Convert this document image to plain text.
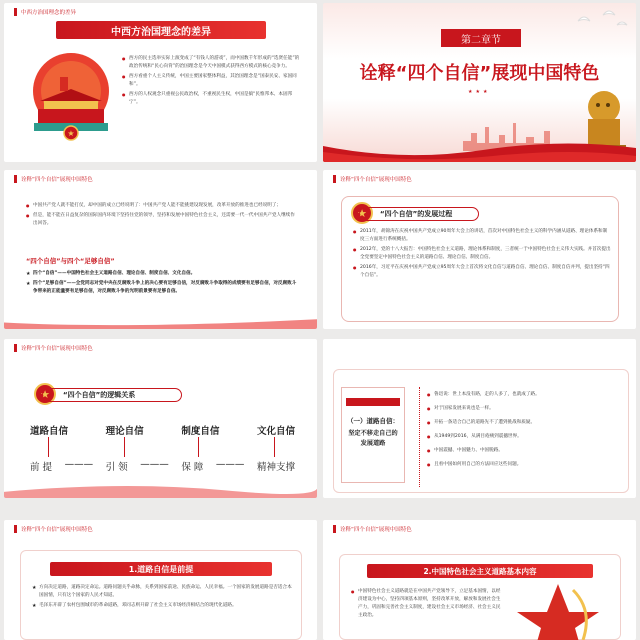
中西方治国理念的差异
中西方治国理念的差异
★

● 西方的民主选举实际上演变成了“有钱人的游戏”，而中国数千年形成的“选贤任能”的政治传统和“民心向背”的治国理念是今天中国模式获得西方模式的核心竞争力。

● 西方看重个人主义传统，中国主要国家整体利益，其治国理念是“国泰民安、家国同和”。

● 西方的人权观念只重视公民政治权，不重视民生权，中国是搞“民惟邦本、本固邦宁”。

第二章节
诠释“四个自信”展现中国特色
★★★
诠释“四个自信”展现中国特色

● 中国共产党人就不能打仗，却中国的成立已经说明了：中国共产党人能不能挑建设现发展，改革开放的推进也已经说明了；

● 但是，能不能在日益复杂的国际国内环境下坚持住党的领导，坚持和发展中国特色社会主义，还需要一代一代中国共产党人继续作出回答。

“四个自信”与四个“足够自信”

★ 四个“自信”——中国特色社会主义道路自信、理论自信、制度自信、文化自信。

★ 四个“足够自信”——全党同志对党中央在反腐败斗争上的决心要有足够自信，对反腐败斗争取得的成绩要有足够自信，对反腐败斗争带来的正能量要有足够自信，对反腐败斗争的光明前景要有足够自信。

诠释“四个自信”展现中国特色
★	“四个自信”的发展过程

● 2011年，胡锦涛在庆祝中国共产党成立90周年大会上的讲话，首次对中国特色社会主义的科学内涵从道路、理论体系和制度三方面进行系统概括。

● 2012年，党的十八大报告：中国特色社会主义道路，理论体系和制度，三者统一于中国特色社会主义伟大实践。并首次提出全党要坚定中国特色社会主义的道路自信、理论自信、制度自信。

● 2016年，习近平在庆祝中国共产党成立95周年大会上首次将文化自信与道路自信、理论自信、制度自信并列，提出坚持“四个自信”。

诠释“四个自信”展现中国特色
★	“四个自信”的逻辑关系
道路自信	理论自信	制度自信	文化自信
前 提 ——— 引 领 ——— 保 障 ——— 精神支撑
（一）道路自信：
坚定不移走自己的发展道路

● 鲁迅说：世上本没有路，走的人多了，也就成了路。

● 对于国家发展来说也是一样。

● 开拓一条适合自己的道路先不了遭到挑战和质疑。

● 从1949到2016，从满目疮痍到震撼世界。

● 中国震撼、中国魅力、中国脱路。

● 且看中国如何用自己的方法回应这些问题。

诠释“四个自信”展现中国特色
1.道路自信是前提

★ 方向决定道路，道路决定命运。道路问题关乎命脉，关系到国家前途、民族命运、人民幸福。一个国家的发展道路是否适合本国国情，只有这个国家的人民才知道。

★ 毛泽东开辟了农村包围城市的革命道路，邓同志则开辟了社会主义市场经济相结合的现代化道路。

诠释“四个自信”展现中国特色
2.中国特色社会主义道路基本内容

● 中国特色社会主义道路就是在中国共产党领导下，立足基本国情，以经济建设为中心，坚持四项基本原则，坚持改革开放，解放和发展社会生产力，巩固和完善社会主义制度，建设社会主义市场经济、社会主义民主政治。
